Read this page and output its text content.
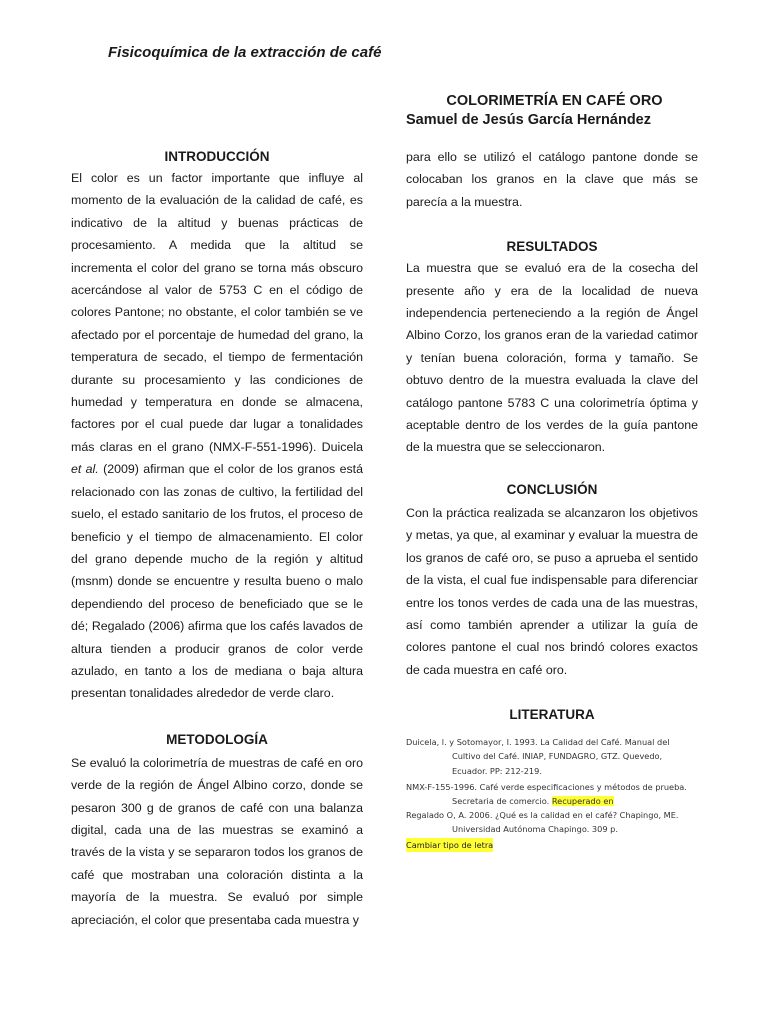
Fisicoquímica de la extracción de café
COLORIMETRÍA EN CAFÉ ORO
Samuel de Jesús García Hernández
INTRODUCCIÓN

El color es un factor importante que influye al momento de la evaluación de la calidad de café, es indicativo de la altitud y buenas prácticas de procesamiento. A medida que la altitud se incrementa el color del grano se torna más obscuro acercándose al valor de 5753 C en el código de colores Pantone; no obstante, el color también se ve afectado por el porcentaje de humedad del grano, la temperatura de secado, el tiempo de fermentación durante su procesamiento y las condiciones de humedad y temperatura en donde se almacena, factores por el cual puede dar lugar a tonalidades más claras en el grano (NMX-F-551-1996). Duicela et al. (2009) afirman que el color de los granos está relacionado con las zonas de cultivo, la fertilidad del suelo, el estado sanitario de los frutos, el proceso de beneficio y el tiempo de almacenamiento. El color del grano depende mucho de la región y altitud (msnm) donde se encuentre y resulta bueno o malo dependiendo del proceso de beneficiado que se le dé; Regalado (2006) afirma que los cafés lavados de altura tienden a producir granos de color verde azulado, en tanto a los de mediana o baja altura presentan tonalidades alrededor de verde claro.

METODOLOGÍA

Se evaluó la colorimetría de muestras de café en oro verde de la región de Ángel Albino corzo, donde se pesaron 300 g de granos de café con una balanza digital, cada una de las muestras se examinó a través de la vista y se separaron todos los granos de café que mostraban una coloración distinta a la mayoría de la muestra. Se evaluó por simple apreciación, el color que presentaba cada muestra y

para ello se utilizó el catálogo pantone donde se colocaban los granos en la clave que más se parecía a la muestra.

RESULTADOS

La muestra que se evaluó era de la cosecha del presente año y era de la localidad de nueva independencia perteneciendo a la región de Ángel Albino Corzo, los granos eran de la variedad catimor y tenían buena coloración, forma y tamaño. Se obtuvo dentro de la muestra evaluada la clave del catálogo pantone 5783 C una colorimetría óptima y aceptable dentro de los verdes de la guía pantone de la muestra que se seleccionaron.

CONCLUSIÓN

Con la práctica realizada se alcanzaron los objetivos y metas, ya que, al examinar y evaluar la muestra de los granos de café oro, se puso a aprueba el sentido de la vista, el cual fue indispensable para diferenciar entre los tonos verdes de cada una de las muestras, así como también aprender a utilizar la guía de colores pantone el cual nos brindó colores exactos de cada muestra en café oro.

LITERATURA

Duicela, l. y Sotomayor, I. 1993. La Calidad del Café. Manual del Cultivo del Café. INIAP, FUNDAGRO, GTZ. Quevedo, Ecuador. PP: 212-219.

NMX-F-155-1996. Café verde especificaciones y métodos de prueba. Secretaria de comercio. Recuperado en

Regalado O, A. 2006. ¿Qué es la calidad en el café? Chapingo, ME. Universidad Autónoma Chapingo. 309 p.

Cambiar tipo de letra
